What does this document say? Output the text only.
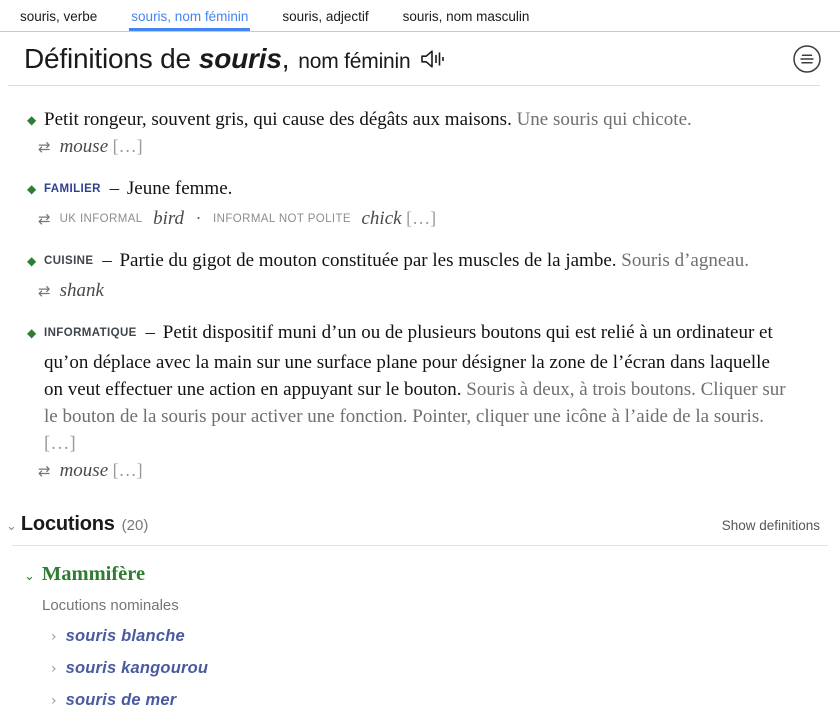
souris, verbe	souris, nom féminin	souris, adjectif	souris, nom masculin
Définitions de souris , nom féminin
◆ Petit rongeur, souvent gris, qui cause des dégâts aux maisons. Une souris qui chicote.
⇄ mouse […]
◆ FAMILIER – Jeune femme.
⇄ UK INFORMAL bird · INFORMAL NOT POLITE chick […]
◆ CUISINE – Partie du gigot de mouton constituée par les muscles de la jambe. Souris d’agneau.
⇄ shank
◆ INFORMATIQUE – Petit dispositif muni d’un ou de plusieurs boutons qui est relié à un ordinateur et qu’on déplace avec la main sur une surface plane pour désigner la zone de l’écran dans laquelle on veut effectuer une action en appuyant sur le bouton. Souris à deux, à trois boutons. Cliquer sur le bouton de la souris pour activer une fonction. Pointer, cliquer une icône à l’aide de la souris. […]
⇄ mouse […]
⌄ Locutions (20)	Show definitions
⌄ Mammifère
Locutions nominales
› souris blanche
› souris kangourou
› souris de mer
